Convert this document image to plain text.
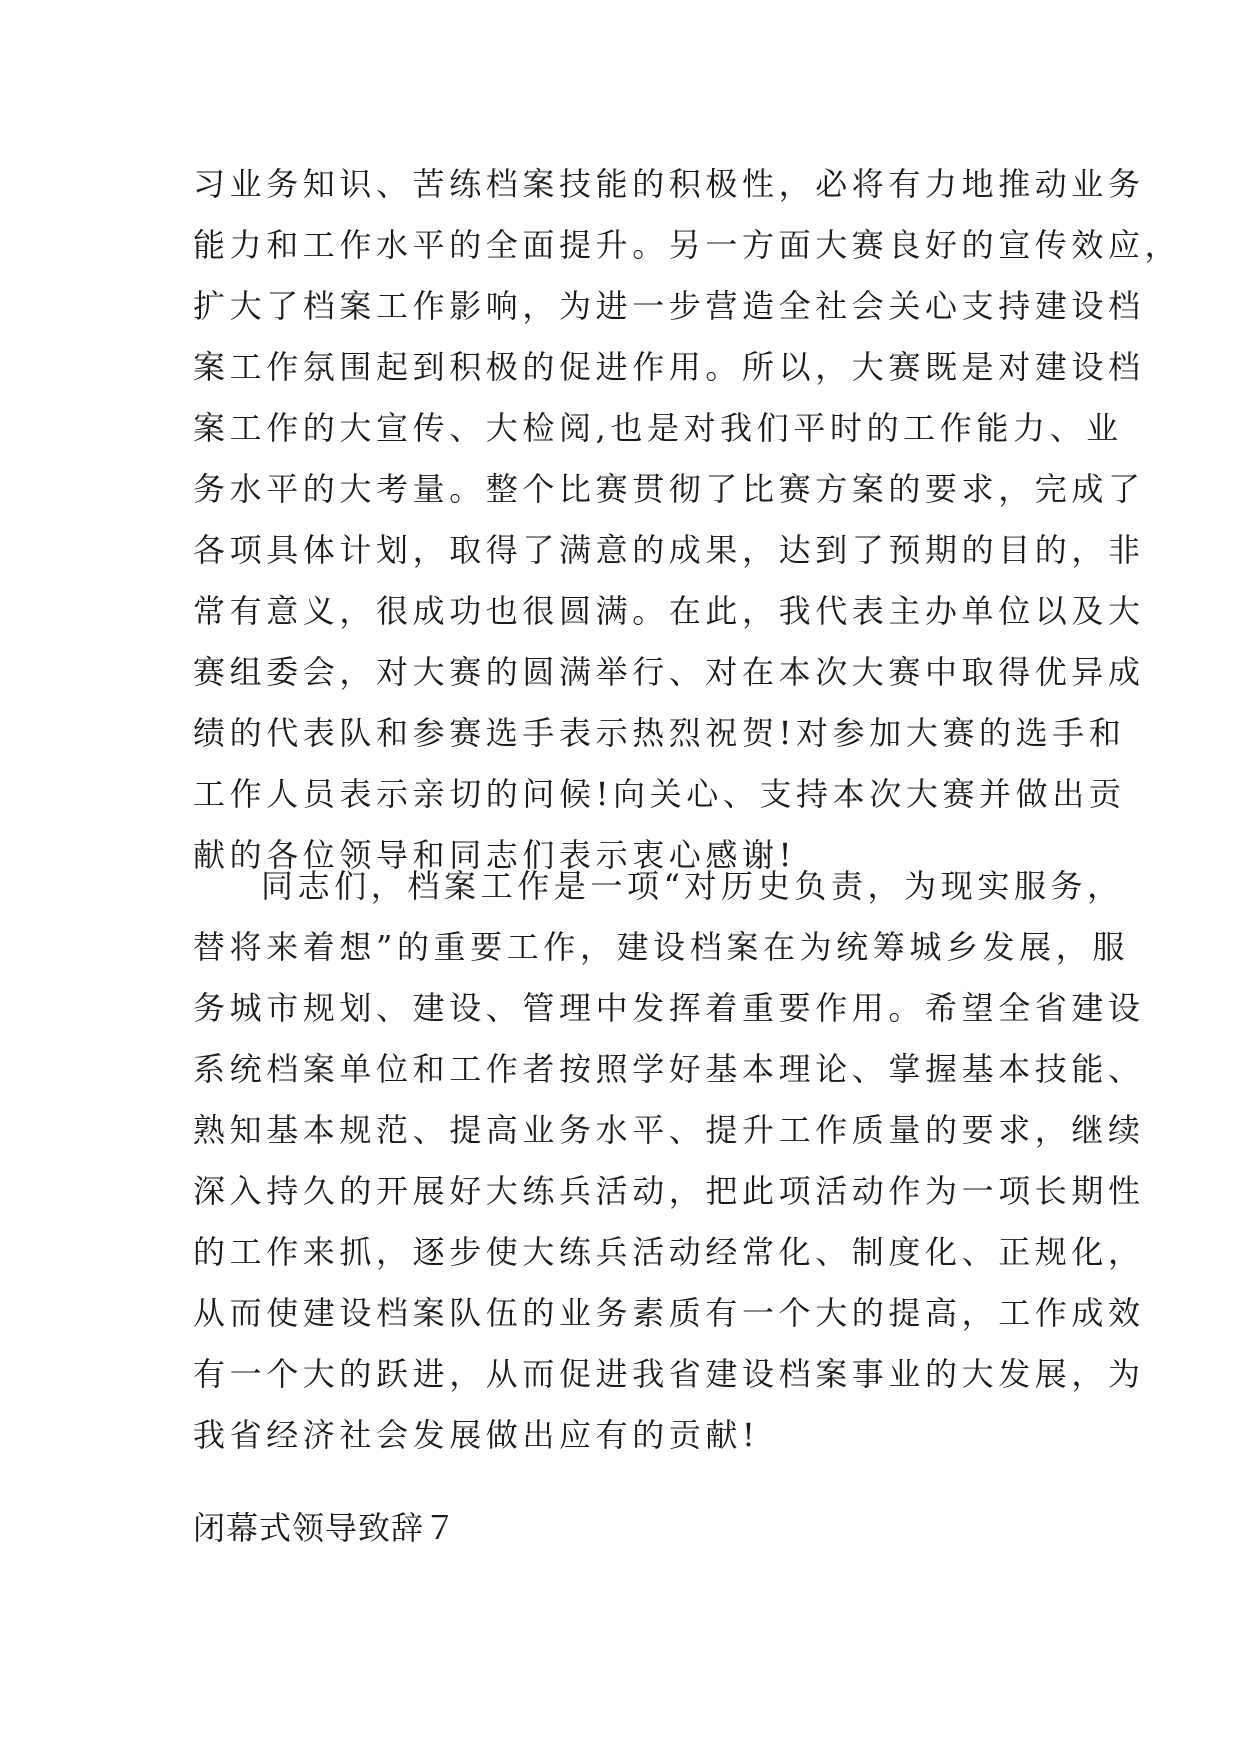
习业务知识、苦练档案技能的积极性，必将有力地推动业务
能力和工作水平的全面提升。另一方面大赛良好的宣传效应，
扩大了档案工作影响，为进一步营造全社会关心支持建设档
案工作氛围起到积极的促进作用。所以，大赛既是对建设档
案工作的大宣传、大检阅,也是对我们平时的工作能力、业
务水平的大考量。整个比赛贯彻了比赛方案的要求，完成了
各项具体计划，取得了满意的成果，达到了预期的目的，非
常有意义，很成功也很圆满。在此，我代表主办单位以及大
赛组委会，对大赛的圆满举行、对在本次大赛中取得优异成
绩的代表队和参赛选手表示热烈祝贺!对参加大赛的选手和
工作人员表示亲切的问候!向关心、支持本次大赛并做出贡
献的各位领导和同志们表示衷心感谢!
同志们，档案工作是一项“对历史负责，为现实服务，
替将来着想”的重要工作，建设档案在为统筹城乡发展，服
务城市规划、建设、管理中发挥着重要作用。希望全省建设
系统档案单位和工作者按照学好基本理论、掌握基本技能、
熟知基本规范、提高业务水平、提升工作质量的要求，继续
深入持久的开展好大练兵活动，把此项活动作为一项长期性
的工作来抓，逐步使大练兵活动经常化、制度化、正规化，
从而使建设档案队伍的业务素质有一个大的提高，工作成效
有一个大的跃进，从而促进我省建设档案事业的大发展，为
我省经济社会发展做出应有的贡献!
闭幕式领导致辞７
